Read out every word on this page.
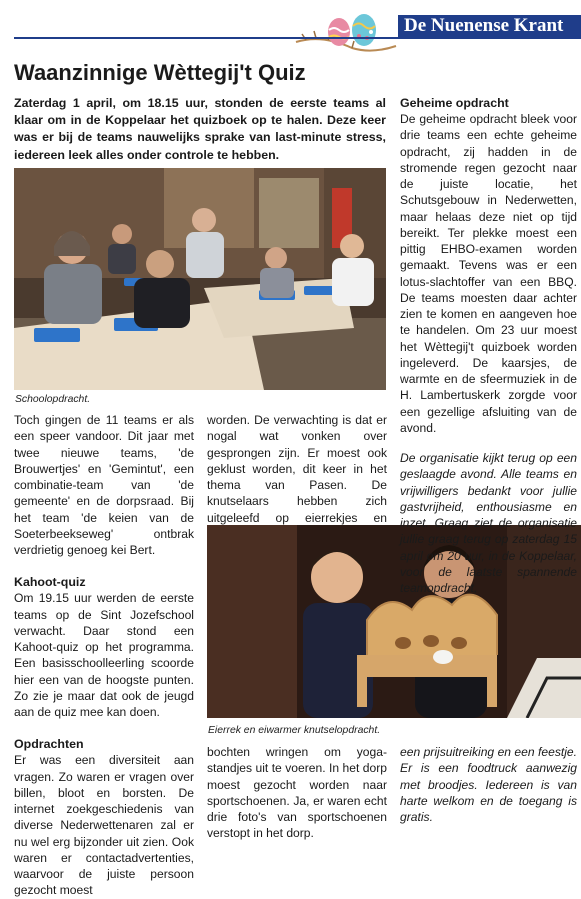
De Nuenense Krant
Waanzinnige Wèttegij't Quiz
Zaterdag 1 april, om 18.15 uur, stonden de eerste teams al klaar om in de Koppelaar het quizboek op te halen. Deze keer was er bij de teams nauwelijks sprake van last-minute stress, iedereen leek alles onder controle te hebben.
Schoolopdracht.

Toch gingen de 11 teams er als een speer vandoor. Dit jaar met twee nieuwe teams, 'de Brouwertjes' en 'Gemintut', een combinatie-team van 'de gemeente' en de dorpsraad. Bij het team 'de keien van de Soeterbeekseweg' ontbrak verdrietig genoeg kei Bert.

Kahoot-quiz

Om 19.15 uur werden de eerste teams op de Sint Jozefschool verwacht. Daar stond een Kahoot-quiz op het programma. Een basisschoolleerling scoorde hier een van de hoogste punten. Zo zie je maar dat ook de jeugd aan de quiz mee kan doen.

Opdrachten

Er was een diversiteit aan vragen. Zo waren er vragen over billen, bloot en borsten. De internet zoekgeschiedenis van diverse Nederwettenaren zal er nu wel erg bijzonder uit zien. Ook waren er contactadvertenties, waarvoor de juiste persoon gezocht moest

worden. De verwachting is dat er nogal wat vonken over gesprongen zijn. Er moest ook geklust worden, dit keer in het thema van Pasen. De knutselaars hebben zich uitgeleefd op eierrekjes en

Eierrek en eiwarmer knutselopdracht.

bochten wringen om yoga-standjes uit te voeren. In het dorp moest gezocht worden naar sportschoenen. Ja, er waren echt drie foto's van sportschoenen verstopt in het dorp.

Geheime opdracht

De geheime opdracht bleek voor drie teams een echte geheime opdracht, zij hadden in de stromende regen gezocht naar de juiste locatie, het Schutsgebouw in Nederwetten, maar helaas deze niet op tijd bereikt. Ter plekke moest een pittig EHBO-examen worden gemaakt. Tevens was er een lotus-slachtoffer van een BBQ. De teams moesten daar achter zien te komen en aangeven hoe te handelen. Om 23 uur moest het Wèttegij't quizboek worden ingeleverd. De kaarsjes, de warmte en de sfeermuziek in de H. Lambertuskerk zorgde voor een gezellige afsluiting van de avond.

De organisatie kijkt terug op een geslaagde avond. Alle teams en vrijwilligers bedankt voor jullie gastvrijheid, enthousiasme en inzet. Graag ziet de organisatie jullie graag terug op zaterdag 15 april om 20 uur, in de Koppelaar, voor de laatste spannende teamopdracht,

een prijsuitreiking en een feestje. Er is een foodtruck aanwezig met broodjes. Iedereen is van harte welkom en de toegang is gratis.
